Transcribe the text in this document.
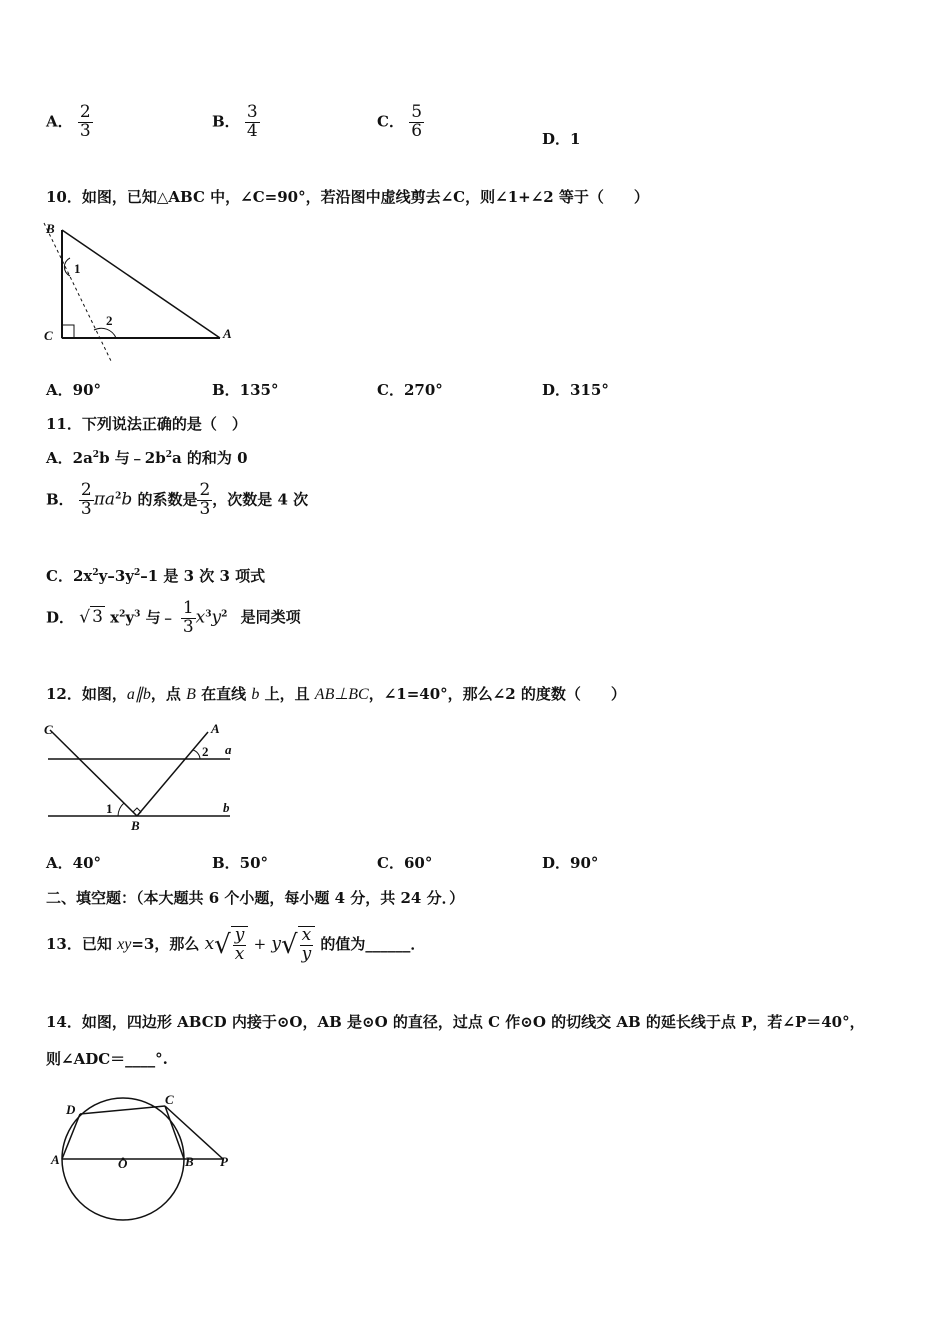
A． $\frac{2}{3}$	B． $\frac{3}{4}$	C． $\frac{5}{6}$	D．1
10．如图，已知△ABC 中，∠C=90°，若沿图中虚线剪去∠C，则∠1+∠2 等于（　　）
B
C	A
1
2
A．90°	B．135°	C．270°	D．315°
11．下列说法正确的是（　）
A．$2a^2b$ 与$﹣2b^2a$ 的和为 0
B． $\frac{2}{3} \pi a^2b$ 的系数是 $\frac{2}{3}$ ，次数是 4 次
C．$2x^2y-3y^2-1$ 是 3 次 3 项式
D． √ 3 $x^2y^3$ 与﹣ $\frac{1}{3} x^3y^2$ 是同类项
12．如图，a∥b，点 B 在直线 b 上，且 AB⊥BC，∠1=40°，那么∠2 的度数（　　）
C	A
2 a
1	b
B
A．40°	B．50°	C．60°	D．90°
二、填空题：（本大题共 6 个小题，每小题 4 分，共 24 分．）
13．已知 xy=3，那么 $x√ \frac{y}{x} + y√ \frac{x}{y}$ 的值为______．
14．如图，四边形 ABCD 内接于⊙O，AB 是⊙O 的直径，过点 C 作⊙O 的切线交 AB 的延长线于点 P，若∠P＝40°，
则∠ADC＝____°.
D
C
A	O	B P
